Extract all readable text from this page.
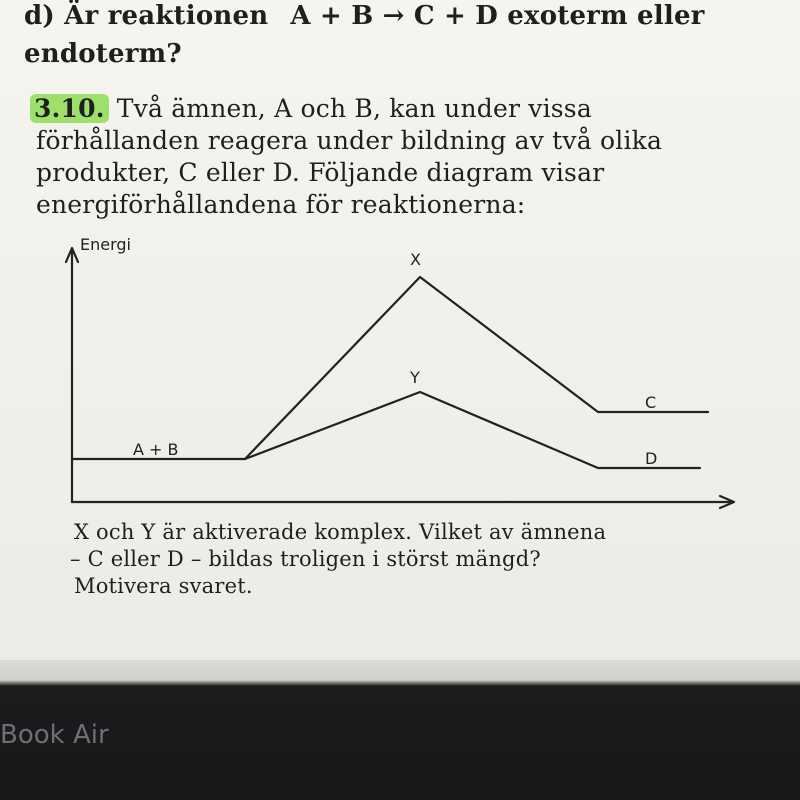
d) Är reaktionen A + B → C + D exoterm eller
endoterm?
3.10. Två ämnen, A och B, kan under vissa
förhållanden reagera under bildning av två olika
produkter, C eller D. Följande diagram visar
energiförhållandena för reaktionerna:
Energi
A + B
X
Y
C
D
X och Y är aktiverade komplex. Vilket av ämnena
– C eller D – bildas troligen i störst mängd?
Motivera svaret.
Book Air
